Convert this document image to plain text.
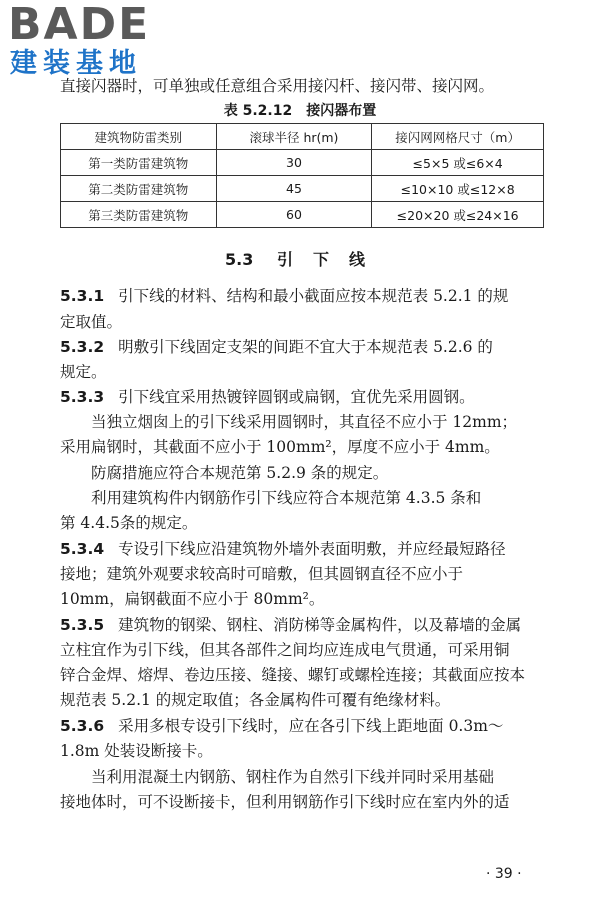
BADE
建装基地
直接闪器时，可单独或任意组合采用接闪杆、接闪带、接闪网。
表 5.2.12 接闪器布置
建筑物防雷类别	滚球半径 hr(m)	接闪网网格尺寸（m）
第一类防雷建筑物	30	≤5×5 或≤6×4
第二类防雷建筑物	45	≤10×10 或≤12×8
第三类防雷建筑物	60	≤20×20 或≤24×16
5.3 引 下 线
5.3.1 引下线的材料、结构和最小截面应按本规范表 5.2.1 的规
定取值。
5.3.2 明敷引下线固定支架的间距不宜大于本规范表 5.2.6 的
规定。
5.3.3 引下线宜采用热镀锌圆钢或扁钢，宜优先采用圆钢。
当独立烟囱上的引下线采用圆钢时，其直径不应小于 12mm；
采用扁钢时，其截面不应小于 100mm²，厚度不应小于 4mm。
防腐措施应符合本规范第 5.2.9 条的规定。
利用建筑构件内钢筋作引下线应符合本规范第 4.3.5 条和
第 4.4.5条的规定。
5.3.4 专设引下线应沿建筑物外墙外表面明敷，并应经最短路径
接地；建筑外观要求较高时可暗敷，但其圆钢直径不应小于
10mm，扁钢截面不应小于 80mm²。
5.3.5 建筑物的钢梁、钢柱、消防梯等金属构件，以及幕墙的金属
立柱宜作为引下线，但其各部件之间均应连成电气贯通，可采用铜
锌合金焊、熔焊、卷边压接、缝接、螺钉或螺栓连接；其截面应按本
规范表 5.2.1 的规定取值；各金属构件可覆有绝缘材料。
5.3.6 采用多根专设引下线时，应在各引下线上距地面 0.3m～
1.8m 处装设断接卡。
当利用混凝土内钢筋、钢柱作为自然引下线并同时采用基础
接地体时，可不设断接卡，但利用钢筋作引下线时应在室内外的适
· 39 ·
